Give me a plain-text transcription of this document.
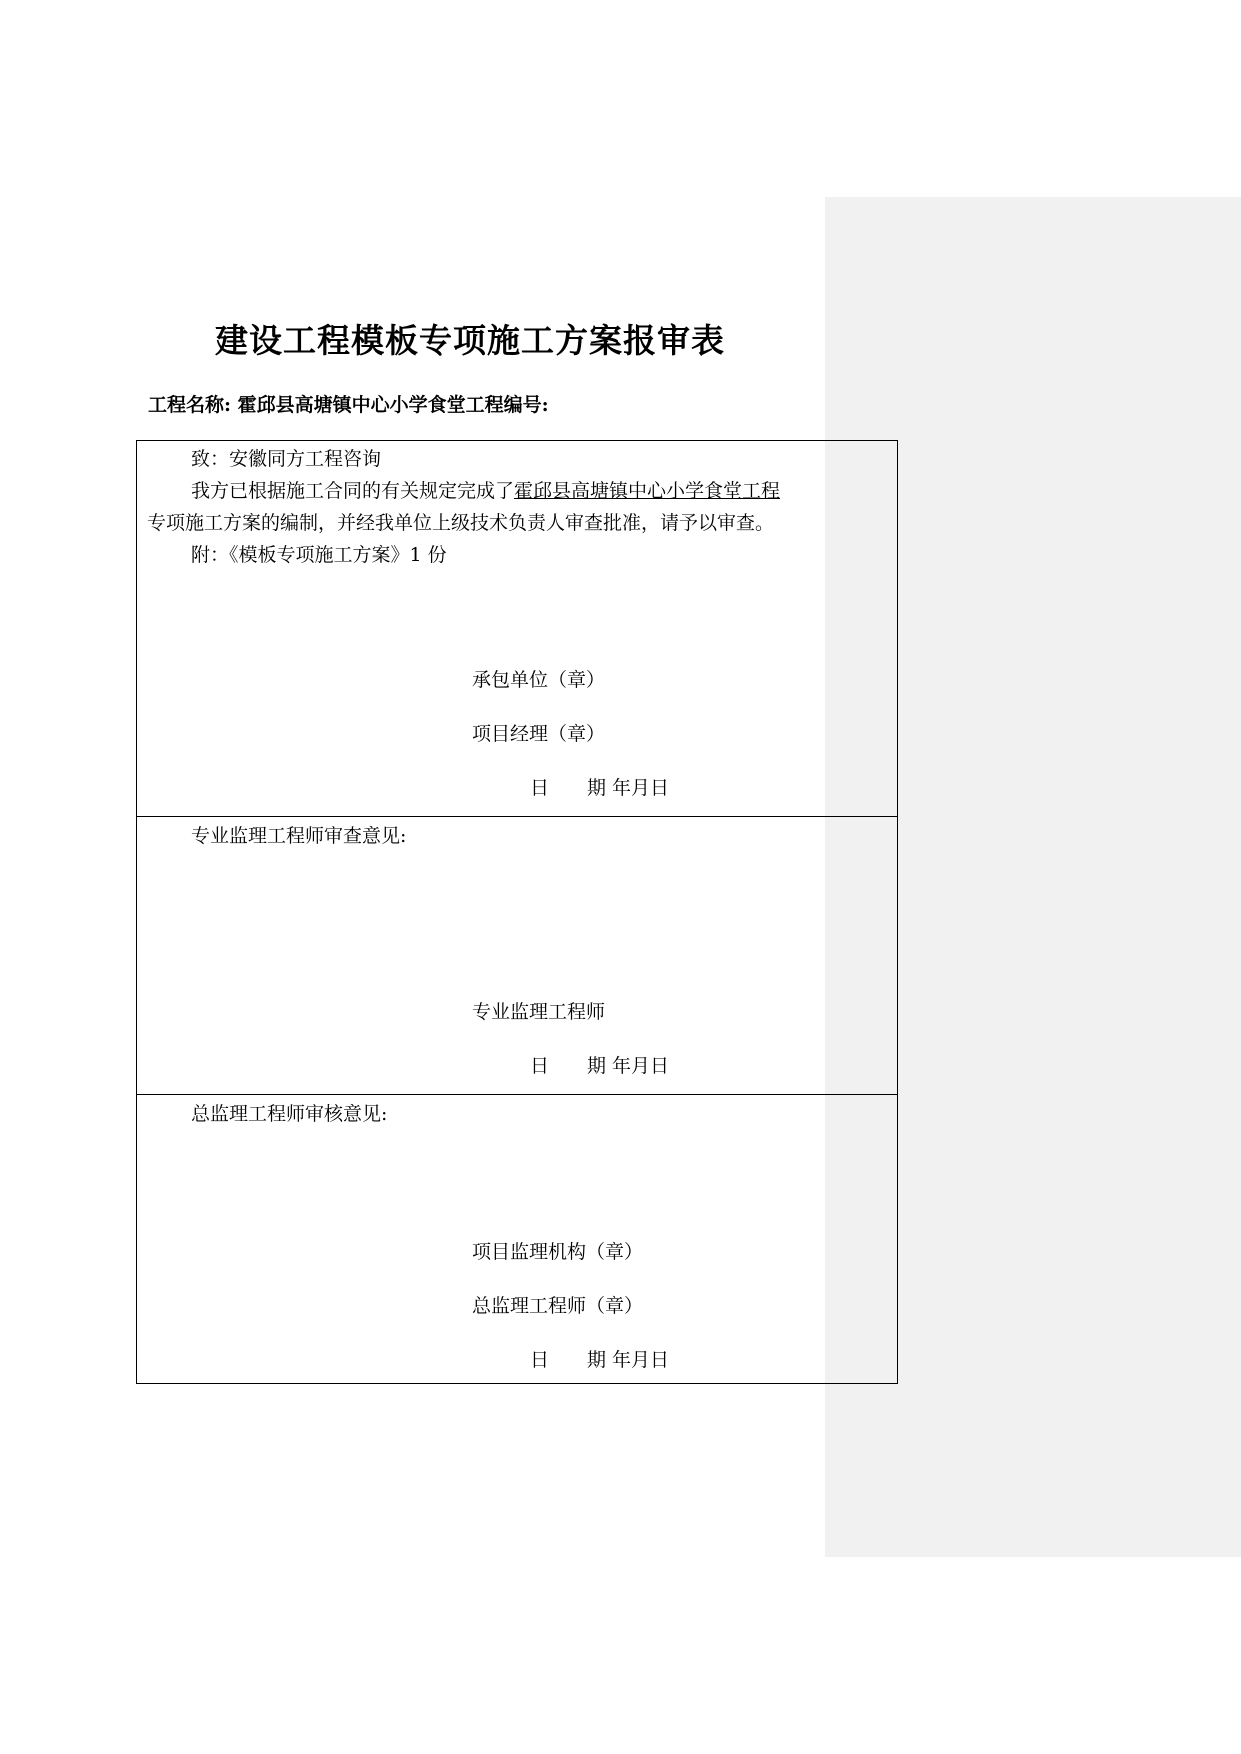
建设工程模板专项施工方案报审表
工程名称: 霍邱县高塘镇中心小学食堂工程编号:
致：安徽同方工程咨询
我方已根据施工合同的有关规定完成了霍邱县高塘镇中心小学食堂工程
专项施工方案的编制，并经我单位上级技术负责人审查批准，请予以审查。
附：《模板专项施工方案》1 份
承包单位（章）
项目经理（章）
日　　期 年月日
专业监理工程师审查意见:
专业监理工程师
日　　期 年月日
总监理工程师审核意见:
项目监理机构（章）
总监理工程师（章）
日　　期 年月日
